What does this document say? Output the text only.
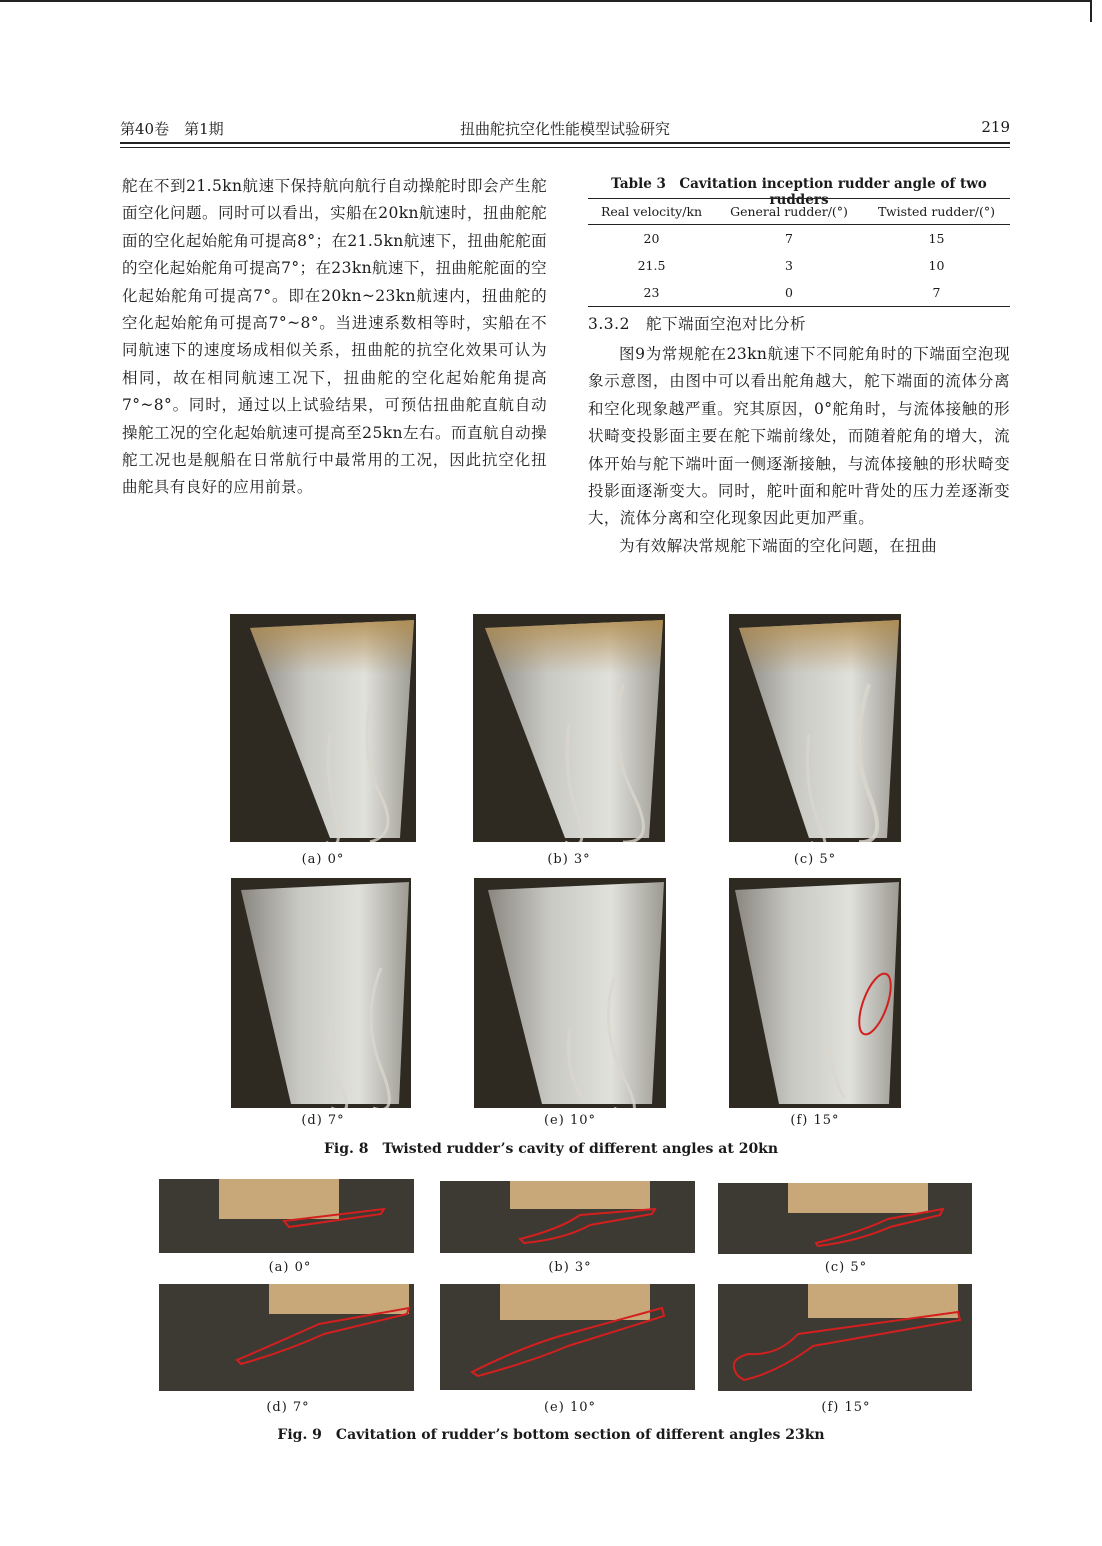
第40卷　第1期	扭曲舵抗空化性能模型试验研究	219

舵在不到21.5kn航速下保持航向航行自动操舵时即会产生舵面空化问题。同时可以看出，实船在20kn航速时，扭曲舵舵面的空化起始舵角可提高8°；在21.5kn航速下，扭曲舵舵面的空化起始舵角可提高7°；在23kn航速下，扭曲舵舵面的空化起始舵角可提高7°。即在20kn~23kn航速内，扭曲舵的空化起始舵角可提高7°~8°。当进速系数相等时，实船在不同航速下的速度场成相似关系，扭曲舵的抗空化效果可认为相同，故在相同航速工况下，扭曲舵的空化起始舵角提高7°~8°。同时，通过以上试验结果，可预估扭曲舵直航自动操舵工况的空化起始航速可提高至25kn左右。而直航自动操舵工况也是舰船在日常航行中最常用的工况，因此抗空化扭曲舵具有良好的应用前景。

Table 3　Cavitation inception rudder angle of two rudders
Real velocity/kn	General rudder/(°)	Twisted rudder/(°)
20	7	15
21.5	3	10
23	0	7
3.3.2　舵下端面空泡对比分析

图9为常规舵在23kn航速下不同舵角时的下端面空泡现象示意图，由图中可以看出舵角越大，舵下端面的流体分离和空化现象越严重。究其原因，0°舵角时，与流体接触的形状畸变投影面主要在舵下端前缘处，而随着舵角的增大，流体开始与舵下端叶面一侧逐渐接触，与流体接触的形状畸变投影面逐渐变大。同时，舵叶面和舵叶背处的压力差逐渐变大，流体分离和空化现象因此更加严重。

为有效解决常规舵下端面的空化问题，在扭曲

(a) 0°	(b) 3°	(c) 5°
(d) 7°	(e) 10°	(f) 15°
Fig. 8　Twisted rudder’s cavity of different angles at 20kn
(a) 0°	(b) 3°	(c) 5°
(d) 7°	(e) 10°	(f) 15°
Fig. 9　Cavitation of rudder’s bottom section of different angles 23kn
